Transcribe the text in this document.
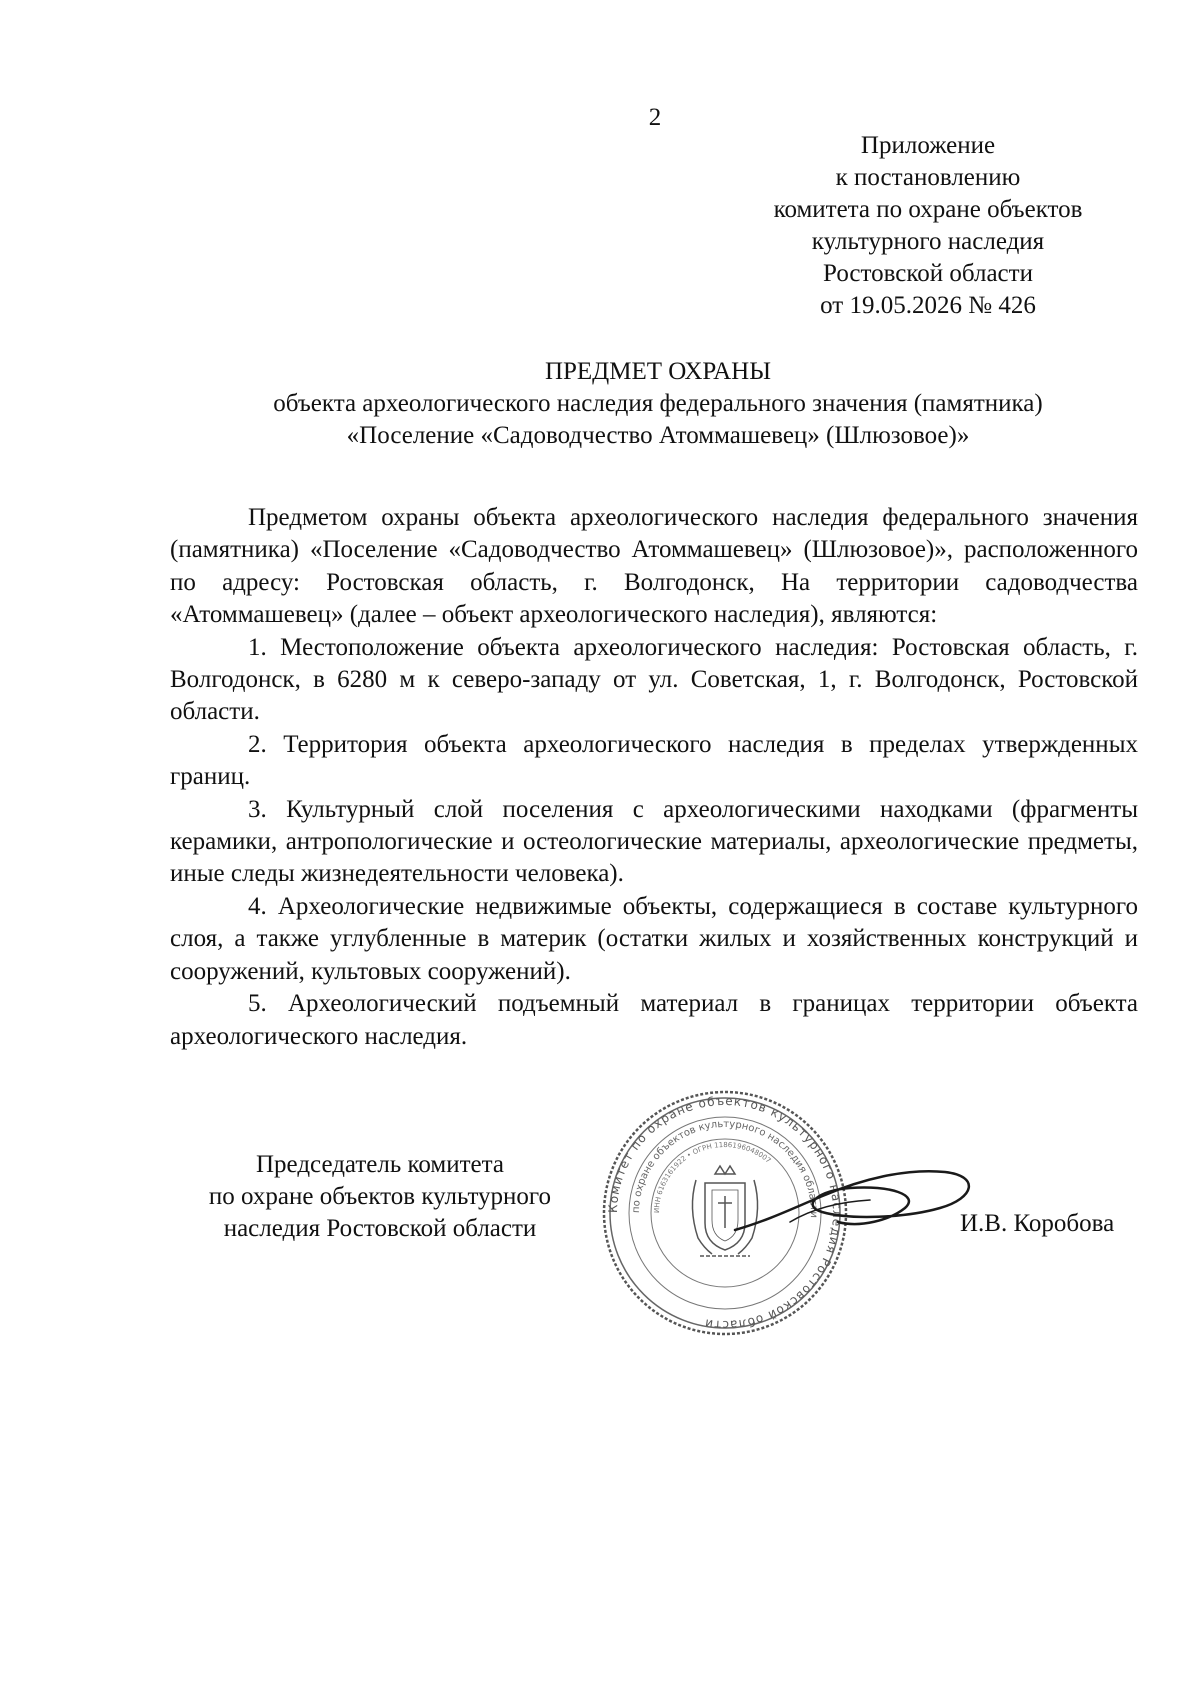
2
Приложение
к постановлению
комитета по охране объектов
культурного наследия
Ростовской области
от 19.05.2026 № 426
ПРЕДМЕТ ОХРАНЫ
объекта археологического наследия федерального значения (памятника)
«Поселение «Садоводчество Атоммашевец» (Шлюзовое)»

Предметом охраны объекта археологического наследия федерального значения (памятника) «Поселение «Садоводчество Атоммашевец» (Шлюзовое)», расположенного по адресу: Ростовская область, г. Волгодонск, На территории садоводчества «Атоммашевец» (далее – объект археологического наследия), являются:

1. Местоположение объекта археологического наследия: Ростовская область, г. Волгодонск, в 6280 м к северо-западу от ул. Советская, 1, г. Волгодонск, Ростовской области.

2. Территория объекта археологического наследия в пределах утвержденных границ.

3. Культурный слой поселения с археологическими находками (фрагменты керамики, антропологические и остеологические материалы, археологические предметы, иные следы жизнедеятельности человека).

4. Археологические недвижимые объекты, содержащиеся в составе культурного слоя, а также углубленные в материк (остатки жилых и хозяйственных конструкций и сооружений, культовых сооружений).

5. Археологический подъемный материал в границах территории объекта археологического наследия.

Председатель комитета
по охране объектов культурного
наследия Ростовской области
Комитет по охране объектов культурного наследия Ростовской области
по охране объектов культурного наследия области
ИНН 6163161922 • ОГРН 1186196048007
И.В. Коробова
